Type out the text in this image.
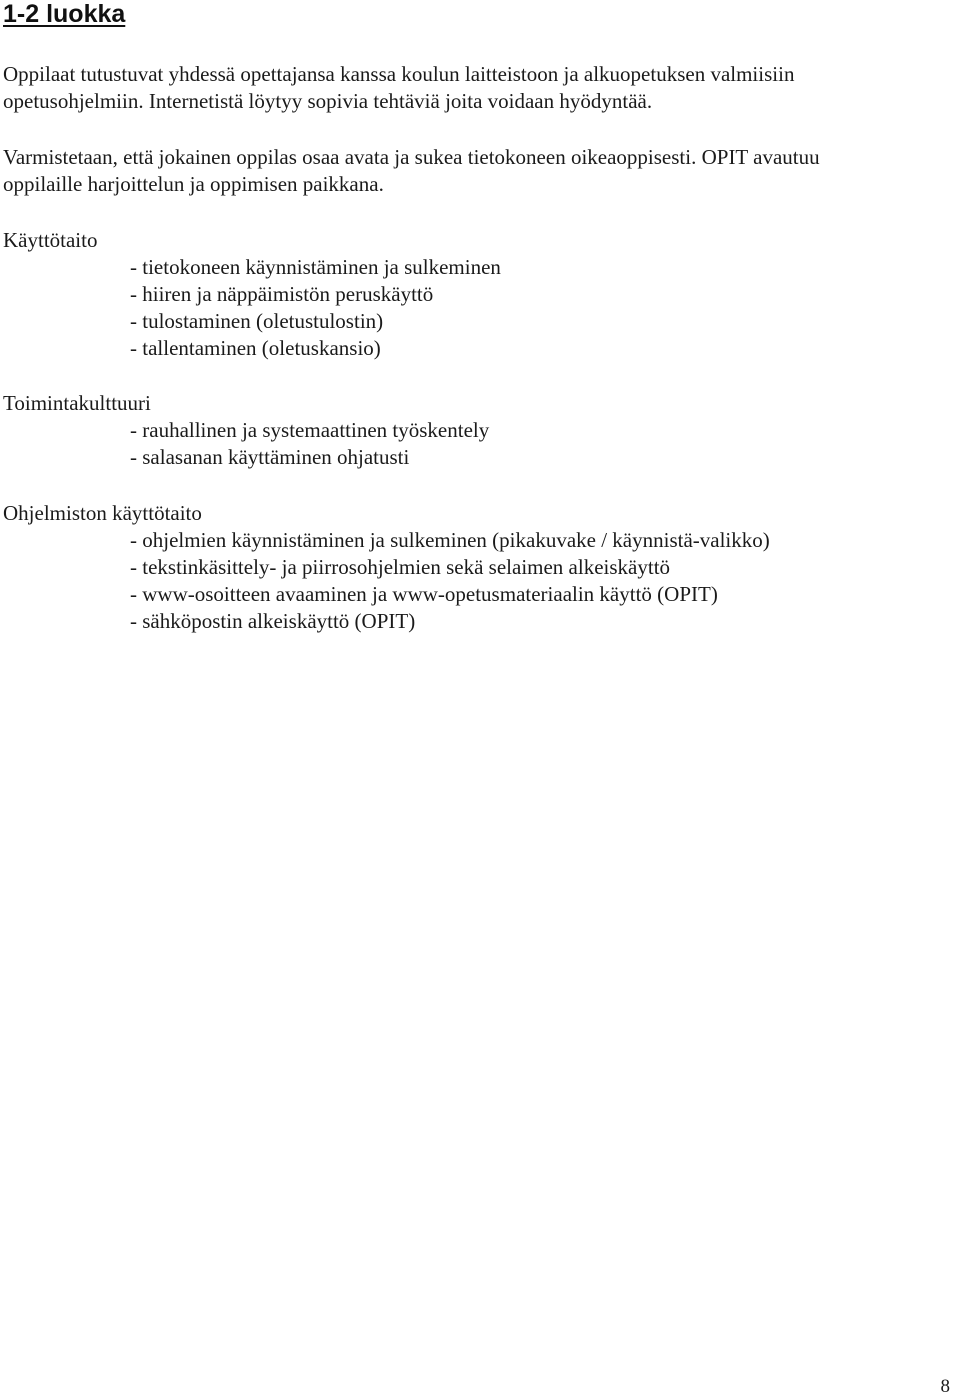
1-2 luokka

Oppilaat tutustuvat yhdessä opettajansa kanssa koulun laitteistoon ja alkuopetuksen valmiisiin
opetusohjelmiin. Internetistä löytyy sopivia tehtäviä joita voidaan hyödyntää.

Varmistetaan, että jokainen oppilas osaa avata ja sukea tietokoneen oikeaoppisesti. OPIT avautuu
oppilaille harjoittelun ja oppimisen paikkana.

Käyttötaito
- tietokoneen käynnistäminen ja sulkeminen
- hiiren ja näppäimistön peruskäyttö
- tulostaminen (oletustulostin)
- tallentaminen (oletuskansio)
Toimintakulttuuri
- rauhallinen ja systemaattinen työskentely
- salasanan käyttäminen ohjatusti
Ohjelmiston käyttötaito
- ohjelmien käynnistäminen ja sulkeminen (pikakuvake / käynnistä-valikko)
- tekstinkäsittely- ja piirrosohjelmien sekä selaimen alkeiskäyttö
- www-osoitteen avaaminen ja www-opetusmateriaalin käyttö (OPIT)
- sähköpostin alkeiskäyttö (OPIT)

8
